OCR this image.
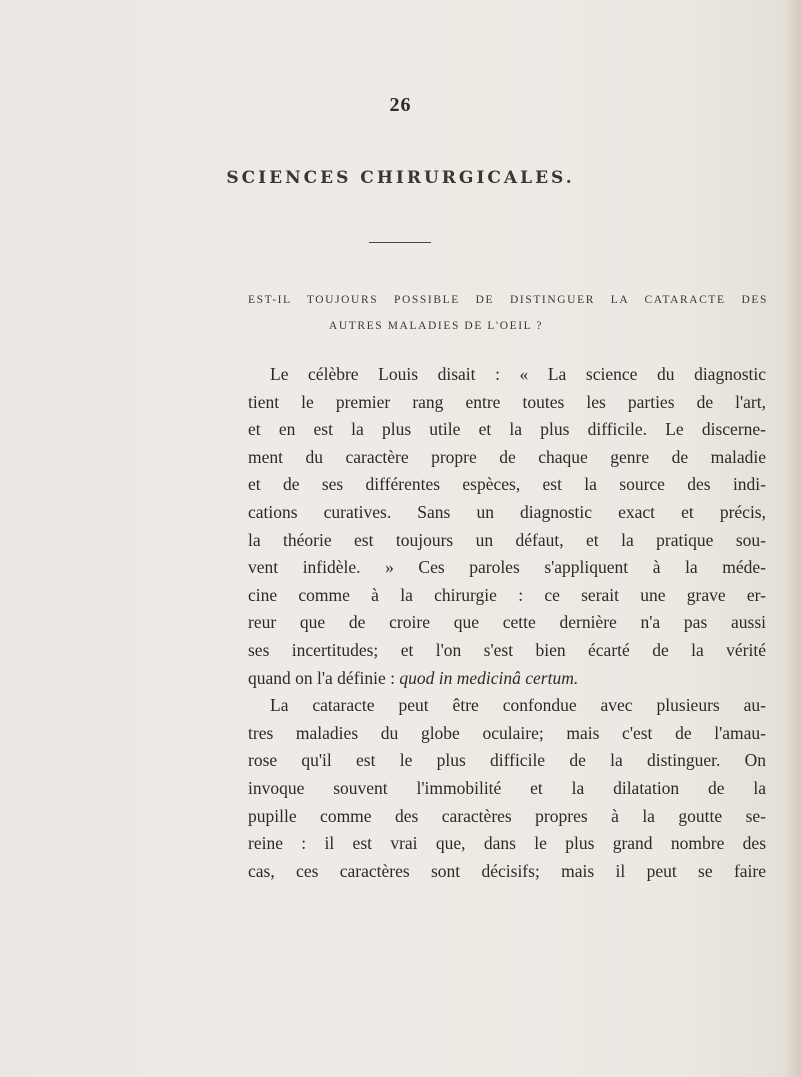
26
SCIENCES CHIRURGICALES.
EST-IL TOUJOURS POSSIBLE DE DISTINGUER LA CATARACTE DES
AUTRES MALADIES DE L'OEIL ?
Le célèbre Louis disait : « La science du diagnostic
tient le premier rang entre toutes les parties de l'art,
et en est la plus utile et la plus difficile. Le discerne-
ment du caractère propre de chaque genre de maladie
et de ses différentes espèces, est la source des indi-
cations curatives. Sans un diagnostic exact et précis,
la théorie est toujours un défaut, et la pratique sou-
vent infidèle. » Ces paroles s'appliquent à la méde-
cine comme à la chirurgie : ce serait une grave er-
reur que de croire que cette dernière n'a pas aussi
ses incertitudes; et l'on s'est bien écarté de la vérité
quand on l'a définie : quod in medicinâ certum.
La cataracte peut être confondue avec plusieurs au-
tres maladies du globe oculaire; mais c'est de l'amau-
rose qu'il est le plus difficile de la distinguer. On
invoque souvent l'immobilité et la dilatation de la
pupille comme des caractères propres à la goutte se-
reine : il est vrai que, dans le plus grand nombre des
cas, ces caractères sont décisifs; mais il peut se faire
